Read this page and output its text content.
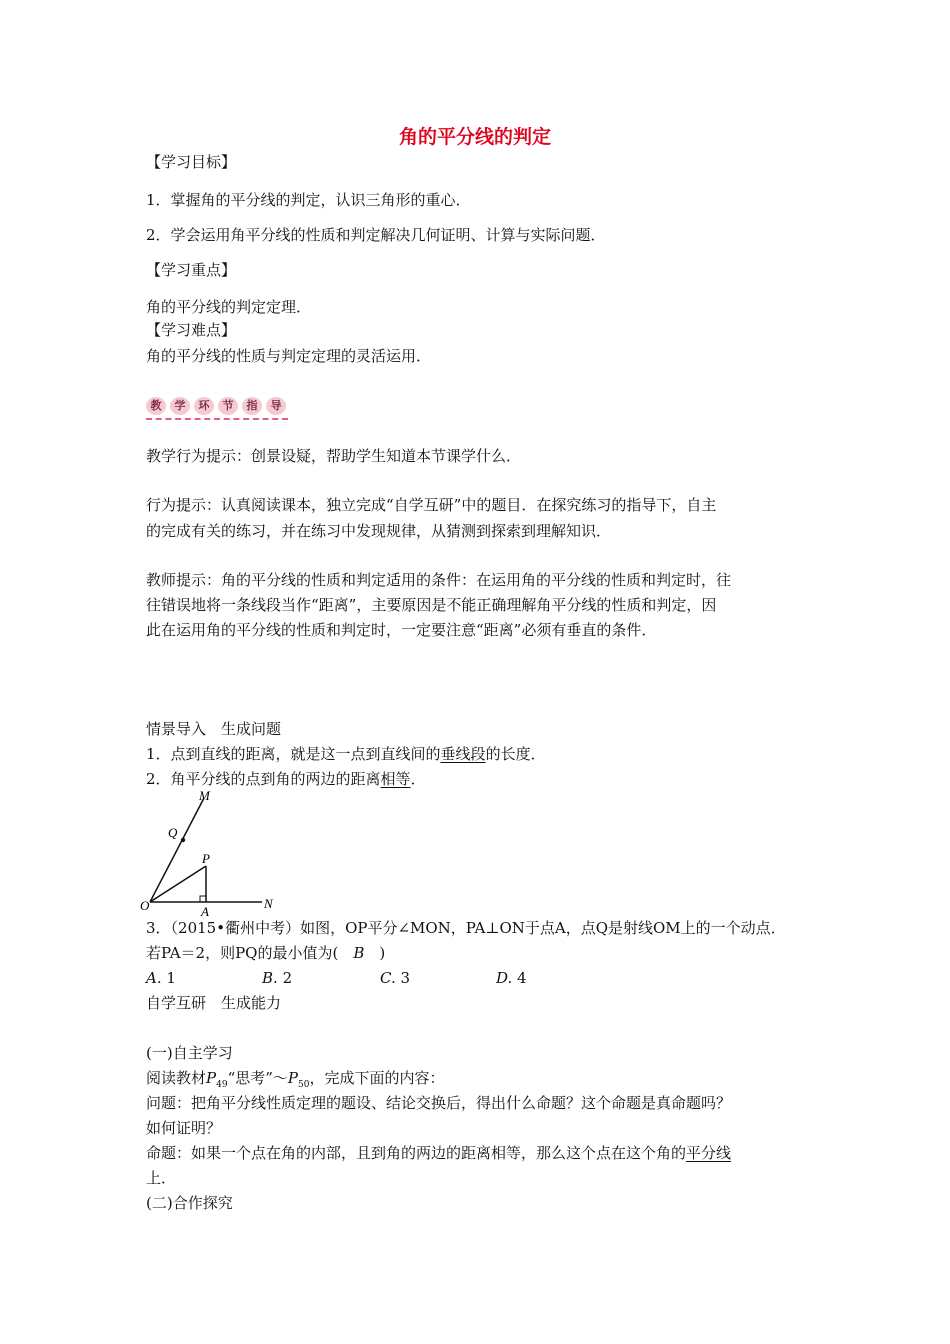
角的平分线的判定
【学习目标】
1．掌握角的平分线的判定，认识三角形的重心．
2．学会运用角平分线的性质和判定解决几何证明、计算与实际问题．
【学习重点】
角的平分线的判定定理．
【学习难点】
角的平分线的性质与判定定理的灵活运用．
教	学	环	节	指	导
教学行为提示：创景设疑，帮助学生知道本节课学什么．
行为提示：认真阅读课本，独立完成“自学互研”中的题目．在探究练习的指导下，自主
的完成有关的练习，并在练习中发现规律，从猜测到探索到理解知识．
教师提示：角的平分线的性质和判定适用的条件：在运用角的平分线的性质和判定时，往
往错误地将一条线段当作“距离”，主要原因是不能正确理解角平分线的性质和判定，因
此在运用角的平分线的性质和判定时，一定要注意“距离”必须有垂直的条件．
情景导入　生成问题
1．点到直线的距离，就是这一点到直线间的垂线段的长度．
2．角平分线的点到角的两边的距离相等．
M
Q
P
O	A
N
3．（2015•衢州中考）如图，OP平分∠MON，PA⊥ON于点A，点Q是射线OM上的一个动点．
若PA＝2，则PQ的最小值为(　B　)
A. 1	B. 2	C. 3	D. 4
自学互研　生成能力
(一)自主学习
阅读教材$P_{49}“$思考$”\sim P_{50}$，完成下面的内容：
问题：把角平分线性质定理的题设、结论交换后，得出什么命题？这个命题是真命题吗？
如何证明？
命题：如果一个点在角的内部，且到角的两边的距离相等，那么这个点在这个角的平分线
上．
(二)合作探究
